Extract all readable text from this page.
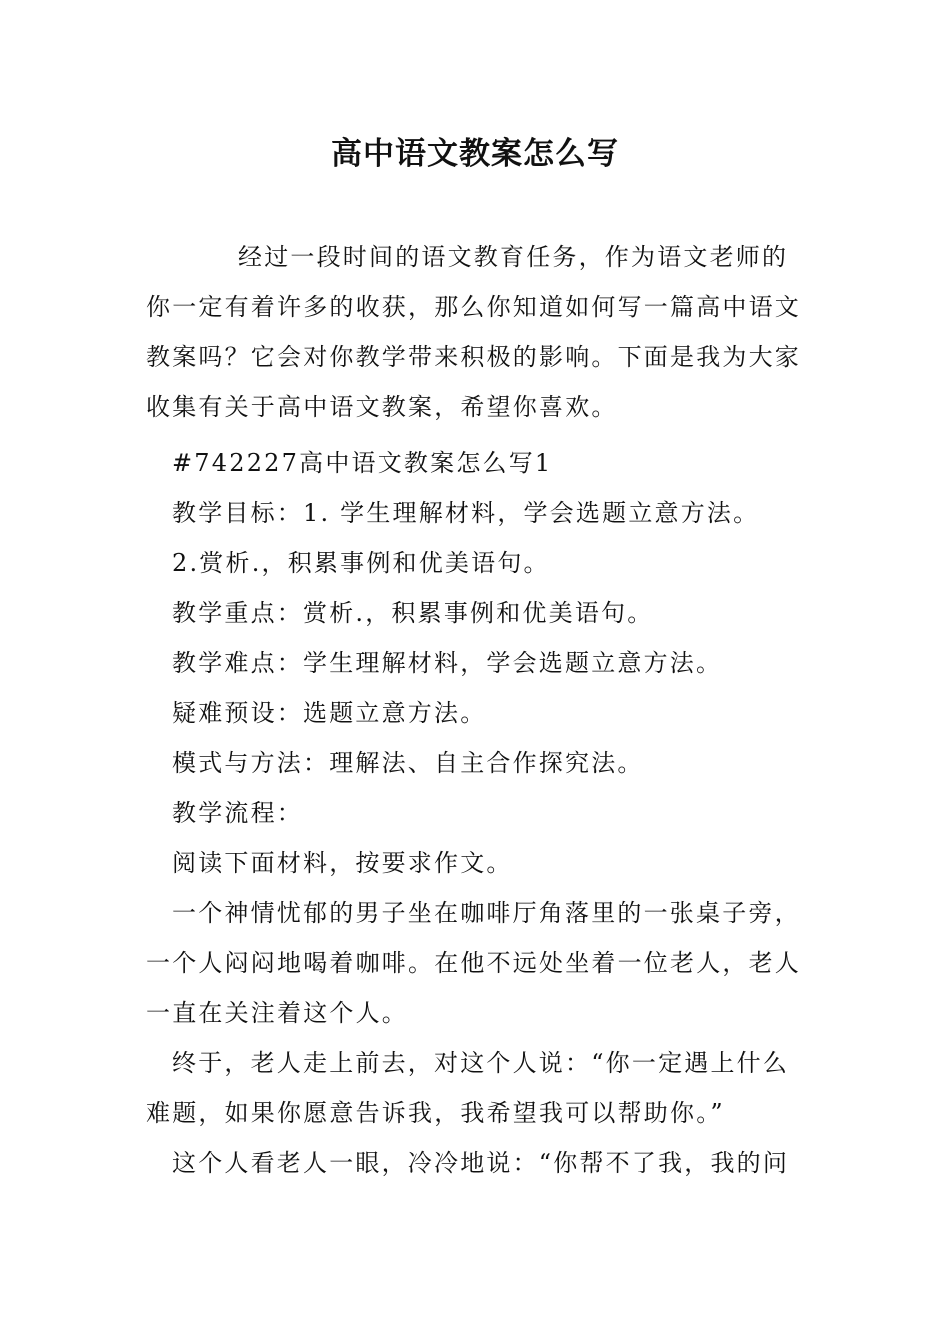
高中语文教案怎么写

经过一段时间的语文教育任务，作为语文老师的你一定有着许多的收获，那么你知道如何写一篇高中语文教案吗？它会对你教学带来积极的影响。下面是我为大家收集有关于高中语文教案，希望你喜欢。

#742227高中语文教案怎么写1

教学目标：1. 学生理解材料，学会选题立意方法。

2.赏析.，积累事例和优美语句。

教学重点：赏析.，积累事例和优美语句。

教学难点：学生理解材料，学会选题立意方法。

疑难预设：选题立意方法。

模式与方法：理解法、自主合作探究法。

教学流程：

阅读下面材料，按要求作文。

一个神情忧郁的男子坐在咖啡厅角落里的一张桌子旁，一个人闷闷地喝着咖啡。在他不远处坐着一位老人，老人一直在关注着这个人。

终于，老人走上前去，对这个人说：“你一定遇上什么难题，如果你愿意告诉我，我希望我可以帮助你。”

这个人看老人一眼，冷冷地说：“你帮不了我，我的问
